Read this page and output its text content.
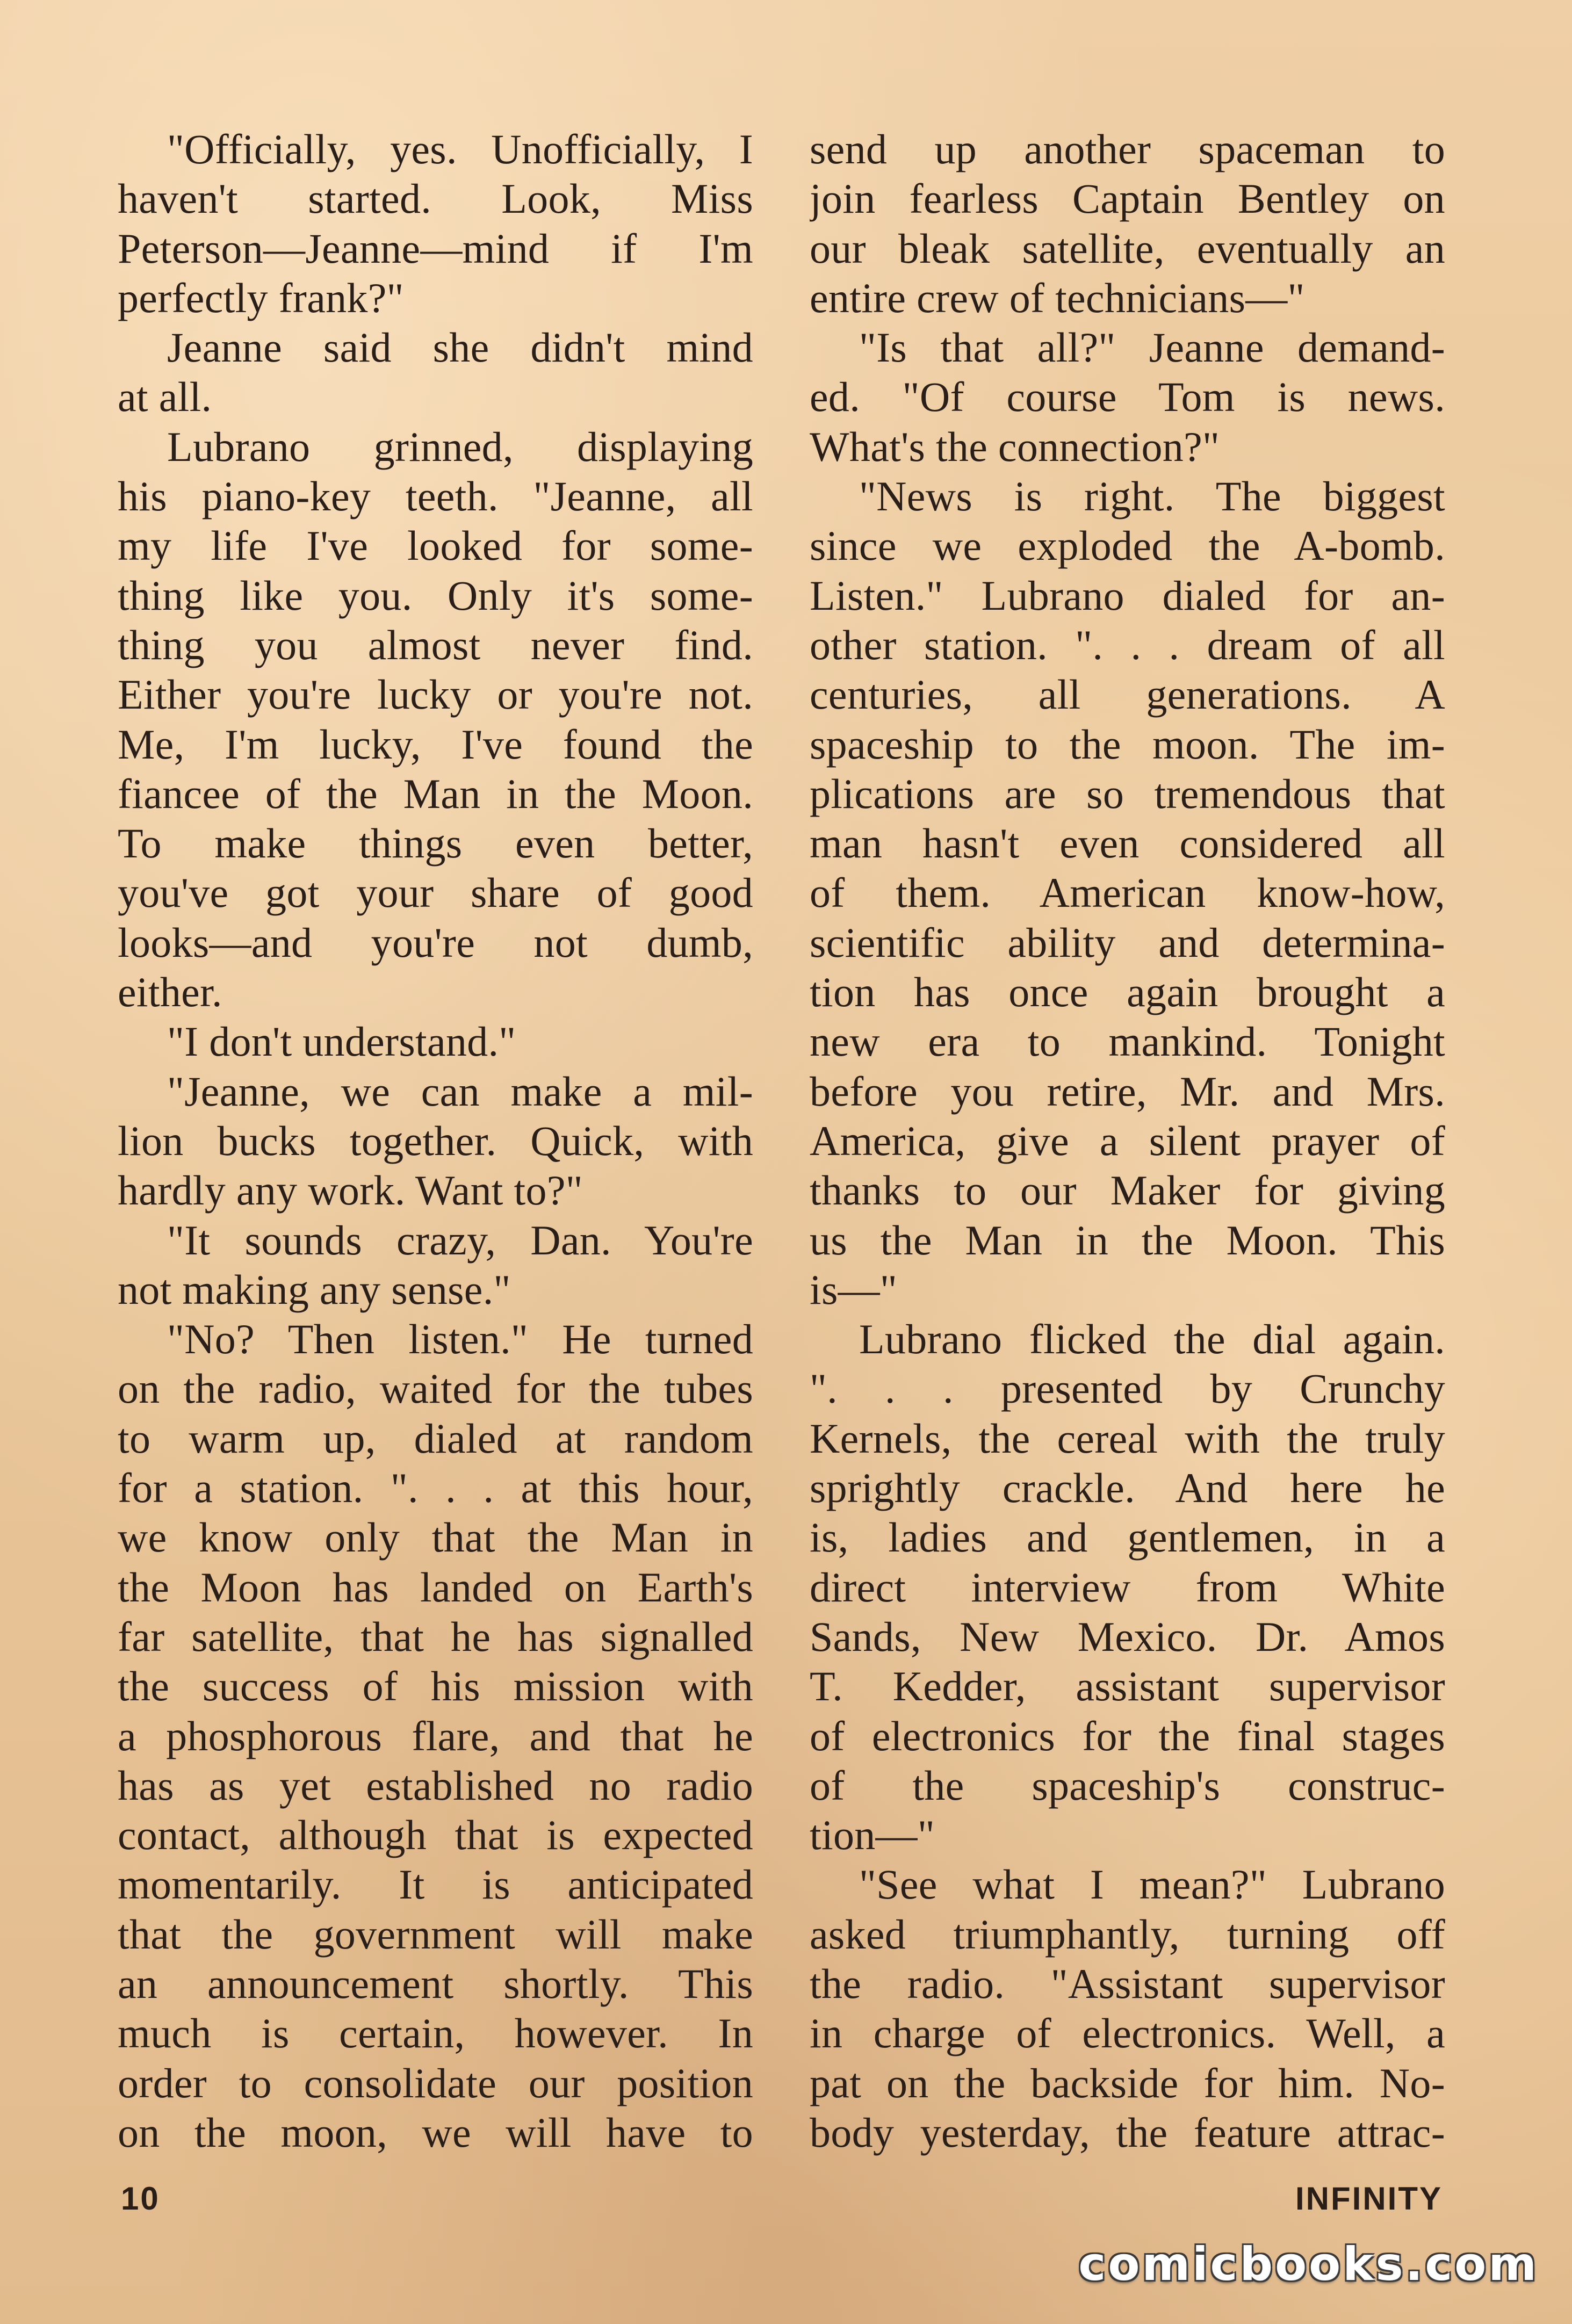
"Officially, yes. Unofficially, I
haven't started. Look, Miss
Peterson—Jeanne—mind if I'm
perfectly frank?"
Jeanne said she didn't mind
at all.
Lubrano grinned, displaying
his piano-key teeth. "Jeanne, all
my life I've looked for some-
thing like you. Only it's some-
thing you almost never find.
Either you're lucky or you're not.
Me, I'm lucky, I've found the
fiancee of the Man in the Moon.
To make things even better,
you've got your share of good
looks—and you're not dumb,
either.
"I don't understand."
"Jeanne, we can make a mil-
lion bucks together. Quick, with
hardly any work. Want to?"
"It sounds crazy, Dan. You're
not making any sense."
"No? Then listen." He turned
on the radio, waited for the tubes
to warm up, dialed at random
for a station. ". . . at this hour,
we know only that the Man in
the Moon has landed on Earth's
far satellite, that he has signalled
the success of his mission with
a phosphorous flare, and that he
has as yet established no radio
contact, although that is expected
momentarily. It is anticipated
that the government will make
an announcement shortly. This
much is certain, however. In
order to consolidate our position
on the moon, we will have to
send up another spaceman to
join fearless Captain Bentley on
our bleak satellite, eventually an
entire crew of technicians—"
"Is that all?" Jeanne demand-
ed. "Of course Tom is news.
What's the connection?"
"News is right. The biggest
since we exploded the A-bomb.
Listen." Lubrano dialed for an-
other station. ". . . dream of all
centuries, all generations. A
spaceship to the moon. The im-
plications are so tremendous that
man hasn't even considered all
of them. American know-how,
scientific ability and determina-
tion has once again brought a
new era to mankind. Tonight
before you retire, Mr. and Mrs.
America, give a silent prayer of
thanks to our Maker for giving
us the Man in the Moon. This
is—"
Lubrano flicked the dial again.
". . . presented by Crunchy
Kernels, the cereal with the truly
sprightly crackle. And here he
is, ladies and gentlemen, in a
direct interview from White
Sands, New Mexico. Dr. Amos
T. Kedder, assistant supervisor
of electronics for the final stages
of the spaceship's construc-
tion—"
"See what I mean?" Lubrano
asked triumphantly, turning off
the radio. "Assistant supervisor
in charge of electronics. Well, a
pat on the backside for him. No-
body yesterday, the feature attrac-
10	INFINITY
comicbooks.com
